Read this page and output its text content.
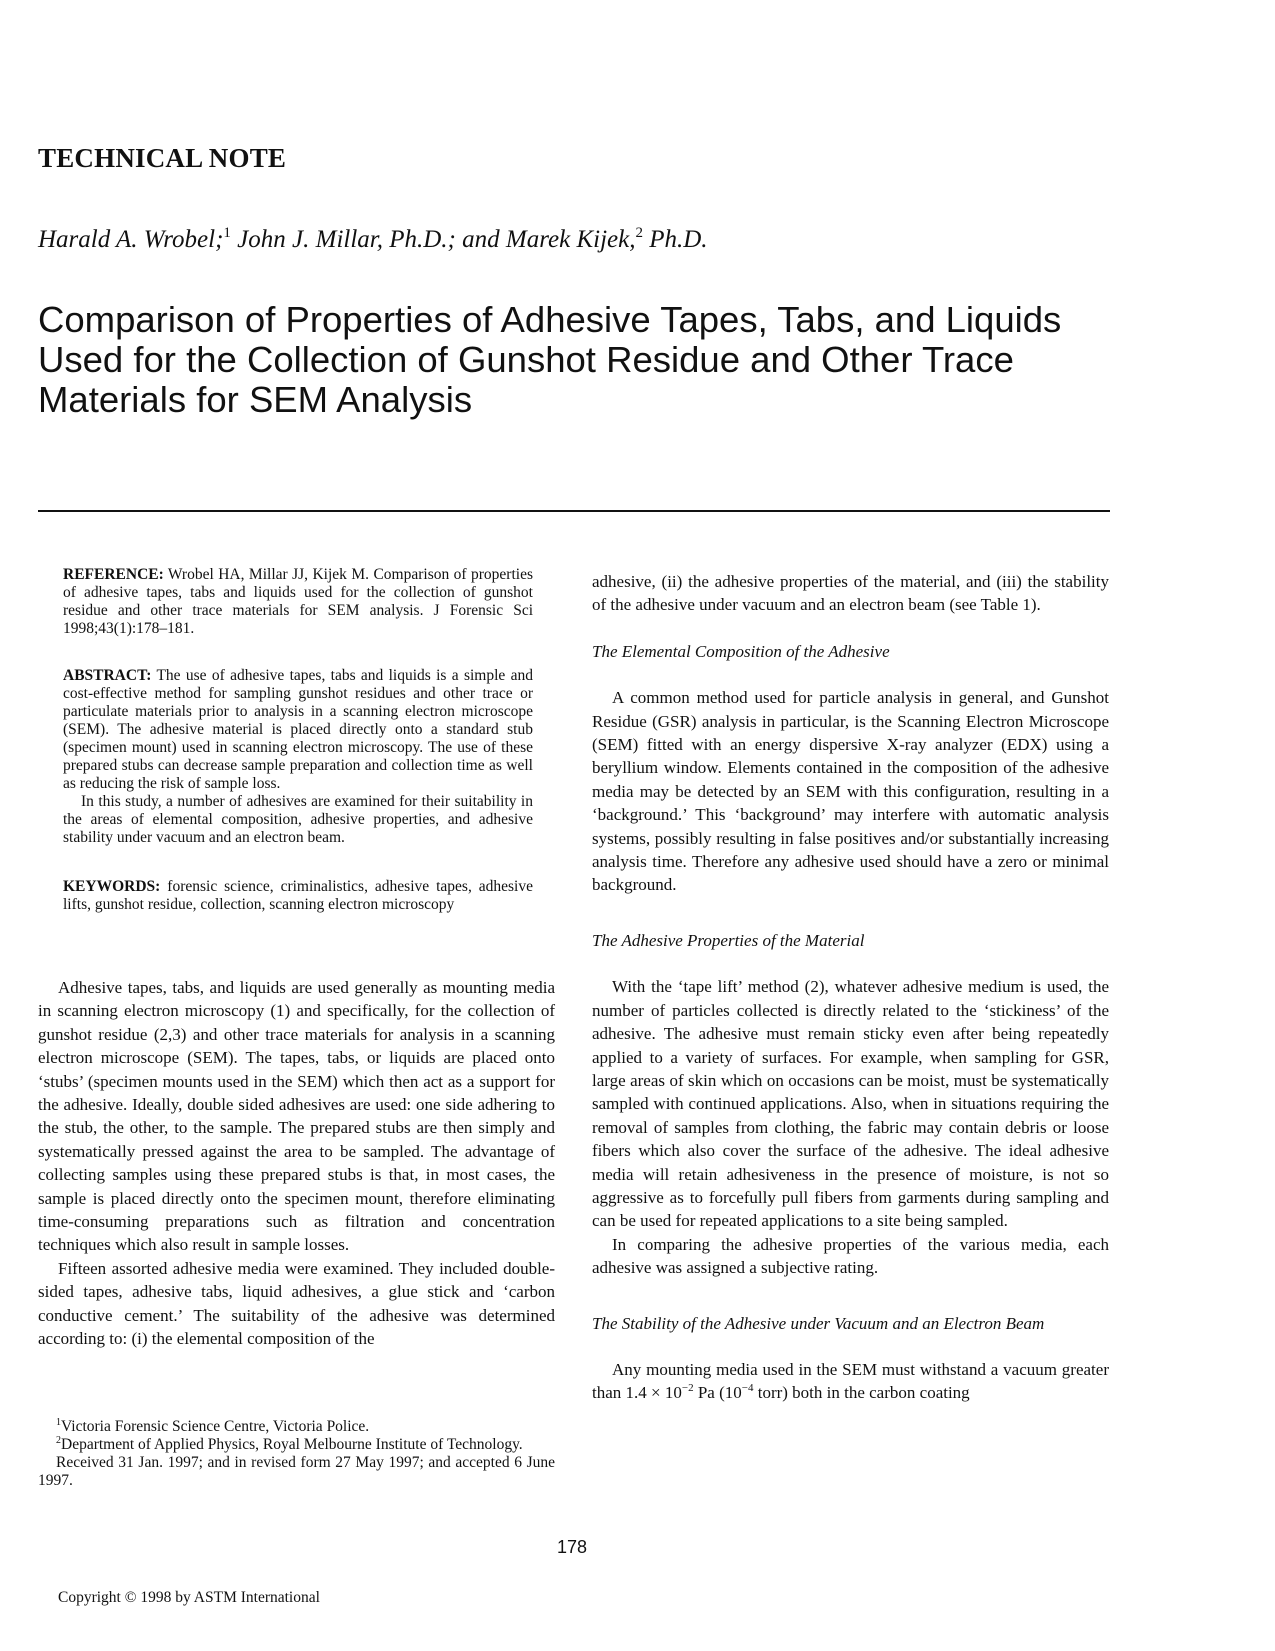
TECHNICAL NOTE
Harald A. Wrobel;$^1$ John J. Millar, Ph.D.; and Marek Kijek,$^2$ Ph.D.
Comparison of Properties of Adhesive Tapes, Tabs, and Liquids Used for the Collection of Gunshot Residue and Other Trace Materials for SEM Analysis
REFERENCE: Wrobel HA, Millar JJ, Kijek M. Comparison of properties of adhesive tapes, tabs and liquids used for the collection of gunshot residue and other trace materials for SEM analysis. J Forensic Sci 1998;43(1):178–181.
ABSTRACT: The use of adhesive tapes, tabs and liquids is a simple and cost-effective method for sampling gunshot residues and other trace or particulate materials prior to analysis in a scanning electron microscope (SEM). The adhesive material is placed directly onto a standard stub (specimen mount) used in scanning electron microscopy. The use of these prepared stubs can decrease sample preparation and collection time as well as reducing the risk of sample loss.
In this study, a number of adhesives are examined for their suitability in the areas of elemental composition, adhesive properties, and adhesive stability under vacuum and an electron beam.
KEYWORDS: forensic science, criminalistics, adhesive tapes, adhesive lifts, gunshot residue, collection, scanning electron microscopy

Adhesive tapes, tabs, and liquids are used generally as mounting media in scanning electron microscopy (1) and specifically, for the collection of gunshot residue (2,3) and other trace materials for analysis in a scanning electron microscope (SEM). The tapes, tabs, or liquids are placed onto ‘stubs’ (specimen mounts used in the SEM) which then act as a support for the adhesive. Ideally, double sided adhesives are used: one side adhering to the stub, the other, to the sample. The prepared stubs are then simply and systematically pressed against the area to be sampled. The advantage of collecting samples using these prepared stubs is that, in most cases, the sample is placed directly onto the specimen mount, therefore eliminating time-consuming preparations such as filtration and concentration techniques which also result in sample losses.

Fifteen assorted adhesive media were examined. They included double-sided tapes, adhesive tabs, liquid adhesives, a glue stick and ‘carbon conductive cement.’ The suitability of the adhesive was determined according to: (i) the elemental composition of the

$^1$Victoria Forensic Science Centre, Victoria Police.

$^2$Department of Applied Physics, Royal Melbourne Institute of Technology.

Received 31 Jan. 1997; and in revised form 27 May 1997; and accepted 6 June 1997.

adhesive, (ii) the adhesive properties of the material, and (iii) the stability of the adhesive under vacuum and an electron beam (see Table 1).

The Elemental Composition of the Adhesive

A common method used for particle analysis in general, and Gunshot Residue (GSR) analysis in particular, is the Scanning Electron Microscope (SEM) fitted with an energy dispersive X-ray analyzer (EDX) using a beryllium window. Elements contained in the composition of the adhesive media may be detected by an SEM with this configuration, resulting in a ‘background.’ This ‘background’ may interfere with automatic analysis systems, possibly resulting in false positives and/or substantially increasing analysis time. Therefore any adhesive used should have a zero or minimal background.

The Adhesive Properties of the Material

With the ‘tape lift’ method (2), whatever adhesive medium is used, the number of particles collected is directly related to the ‘stickiness’ of the adhesive. The adhesive must remain sticky even after being repeatedly applied to a variety of surfaces. For example, when sampling for GSR, large areas of skin which on occasions can be moist, must be systematically sampled with continued applications. Also, when in situations requiring the removal of samples from clothing, the fabric may contain debris or loose fibers which also cover the surface of the adhesive. The ideal adhesive media will retain adhesiveness in the presence of moisture, is not so aggressive as to forcefully pull fibers from garments during sampling and can be used for repeated applications to a site being sampled.

In comparing the adhesive properties of the various media, each adhesive was assigned a subjective rating.

The Stability of the Adhesive under Vacuum and an Electron Beam

Any mounting media used in the SEM must withstand a vacuum greater than $1.4 \times 10^{-2}$ Pa ($10^{-4}$ torr) both in the carbon coating

178
Copyright © 1998 by ASTM International
